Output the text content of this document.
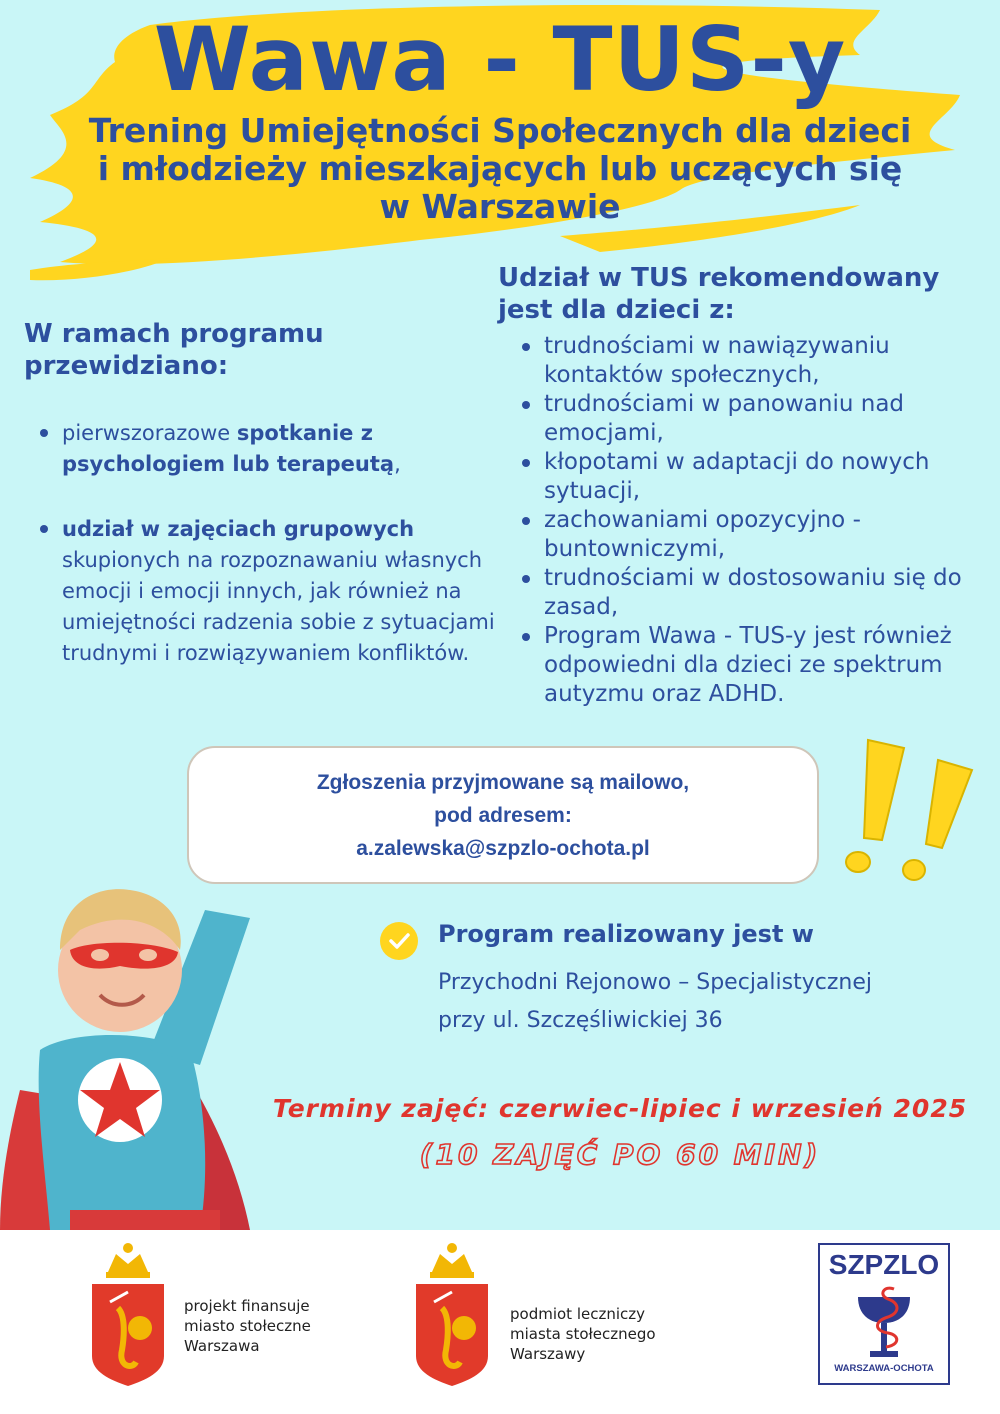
Wawa - TUS-y
Trening Umiejętności Społecznych dla dzieci
i młodzieży mieszkających lub uczących się
w Warszawie
W ramach programu
przewidziano:
pierwszorazowe spotkanie z psychologiem lub terapeutą,
udział w zajęciach grupowych skupionych na rozpoznawaniu własnych emocji i emocji innych, jak również na umiejętności radzenia sobie z sytuacjami trudnymi i rozwiązywaniem konfliktów.
Udział w TUS rekomendowany
jest dla dzieci z:
trudnościami w nawiązywaniu kontaktów społecznych,
trudnościami w panowaniu nad emocjami,
kłopotami w adaptacji do nowych sytuacji,
zachowaniami opozycyjno - buntowniczymi,
trudnościami w dostosowaniu się do zasad,
Program Wawa - TUS-y jest również odpowiedni dla dzieci ze spektrum autyzmu oraz ADHD.
Zgłoszenia przyjmowane są mailowo,
pod adresem:
a.zalewska@szpzlo-ochota.pl
Program realizowany jest w
Przychodni Rejonowo – Specjalistycznej
przy ul. Szczęśliwickiej 36
Terminy zajęć: czerwiec-lipiec i wrzesień 2025
(10 ZAJĘĆ PO 60 MIN)
projekt finansuje
miasto stołeczne
Warszawa
podmiot leczniczy
miasta stołecznego
Warszawy
SZPZLO
WARSZAWA-OCHOTA
